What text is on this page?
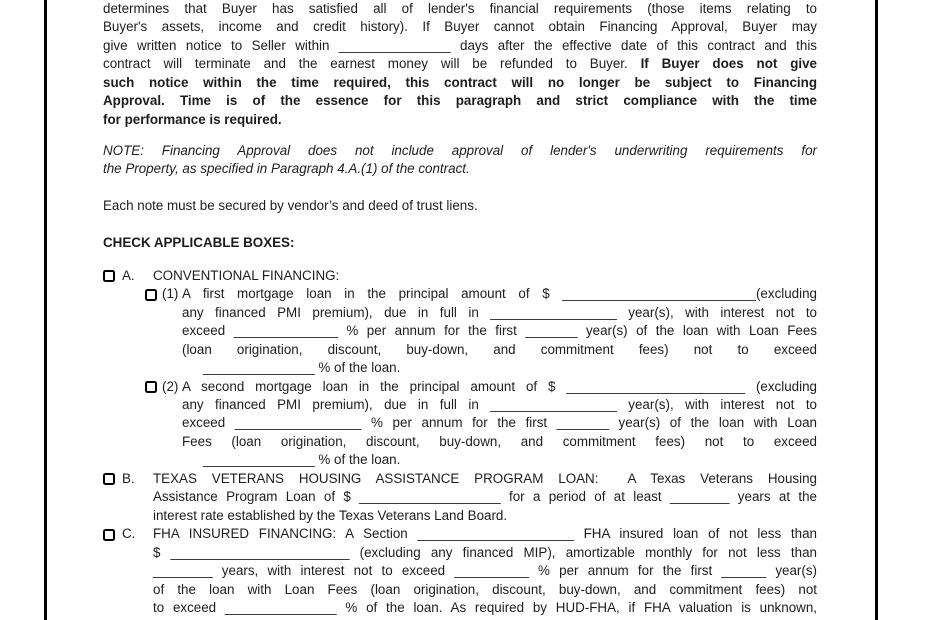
determines that Buyer has satisfied all of lender's financial requirements (those items relating to
Buyer's assets, income and credit history). If Buyer cannot obtain Financing Approval, Buyer may
give written notice to Seller within _______________ days after the effective date of this contract and this
contract will terminate and the earnest money will be refunded to Buyer. If Buyer does not give
such notice within the time required, this contract will no longer be subject to Financing
Approval. Time is of the essence for this paragraph and strict compliance with the time
for performance is required.
NOTE: Financing Approval does not include approval of lender's underwriting requirements for
the Property, as specified in Paragraph 4.A.(1) of the contract.
Each note must be secured by vendor’s and deed of trust liens.
CHECK APPLICABLE BOXES:
A.	CONVENTIONAL FINANCING:
(1) A first mortgage loan in the principal amount of $ __________________________(excluding
any financed PMI premium), due in full in _________________ year(s), with interest not to
exceed ______________ % per annum for the first _______ year(s) of the loan with Loan Fees
(loan origination, discount, buy-down, and commitment fees) not to exceed
_______________ % of the loan.
(2) A second mortgage loan in the principal amount of $ ________________________ (excluding
any financed PMI premium), due in full in _________________ year(s), with interest not to
exceed _________________ % per annum for the first _______ year(s) of the loan with Loan
Fees (loan origination, discount, buy-down, and commitment fees) not to exceed
_______________ % of the loan.
B.	TEXAS VETERANS HOUSING ASSISTANCE PROGRAM LOAN:  A Texas Veterans Housing
Assistance Program Loan of $ ___________________ for a period of at least ________ years at the
interest rate established by the Texas Veterans Land Board.
C.	FHA INSURED FINANCING: A Section _____________________ FHA insured loan of not less than
$ ________________________ (excluding any financed MIP), amortizable monthly for not less than
________ years, with interest not to exceed __________ % per annum for the first ______ year(s)
of the loan with Loan Fees (loan origination, discount, buy-down, and commitment fees) not
to exceed _______________ % of the loan. As required by HUD-FHA, if FHA valuation is unknown,
